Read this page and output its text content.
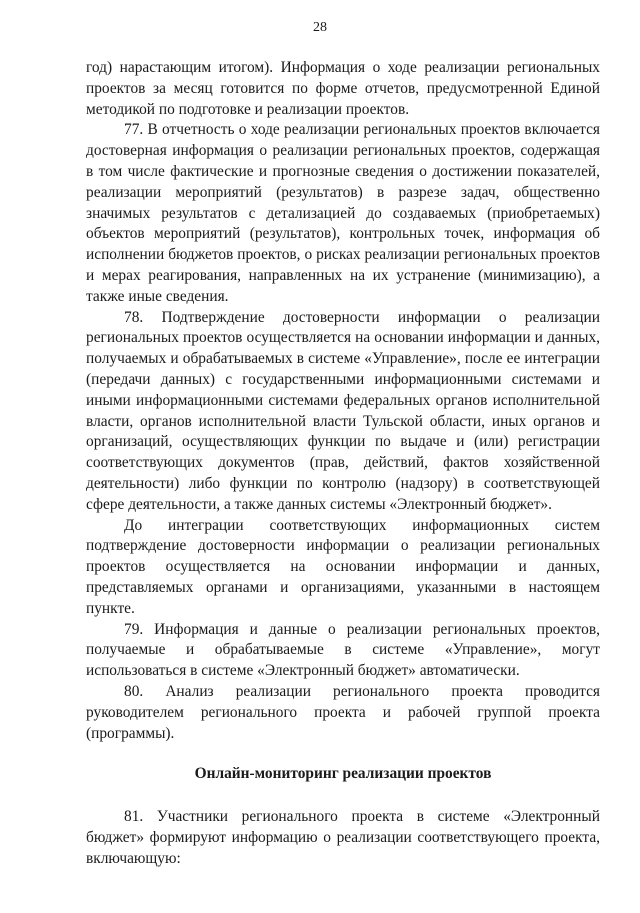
28

год) нарастающим итогом). Информация о ходе реализации региональных проектов за месяц готовится по форме отчетов, предусмотренной Единой методикой по подготовке и реализации проектов.

77. В отчетность о ходе реализации региональных проектов включается достоверная информация о реализации региональных проектов, содержащая в том числе фактические и прогнозные сведения о достижении показателей, реализации мероприятий (результатов) в разрезе задач, общественно значимых результатов с детализацией до создаваемых (приобретаемых) объектов мероприятий (результатов), контрольных точек, информация об исполнении бюджетов проектов, о рисках реализации региональных проектов и мерах реагирования, направленных на их устранение (минимизацию), а также иные сведения.

78. Подтверждение достоверности информации о реализации региональных проектов осуществляется на основании информации и данных, получаемых и обрабатываемых в системе «Управление», после ее интеграции (передачи данных) с государственными информационными системами и иными информационными системами федеральных органов исполнительной власти, органов исполнительной власти Тульской области, иных органов и организаций, осуществляющих функции по выдаче и (или) регистрации соответствующих документов (прав, действий, фактов хозяйственной деятельности) либо функции по контролю (надзору) в соответствующей сфере деятельности, а также данных системы «Электронный бюджет».

До интеграции соответствующих информационных систем подтверждение достоверности информации о реализации региональных проектов осуществляется на основании информации и данных, представляемых органами и организациями, указанными в настоящем пункте.

79. Информация и данные о реализации региональных проектов, получаемые и обрабатываемые в системе «Управление», могут использоваться в системе «Электронный бюджет» автоматически.

80. Анализ реализации регионального проекта проводится руководителем регионального проекта и рабочей группой проекта (программы).

Онлайн-мониторинг реализации проектов

81. Участники регионального проекта в системе «Электронный бюджет» формируют информацию о реализации соответствующего проекта, включающую:
